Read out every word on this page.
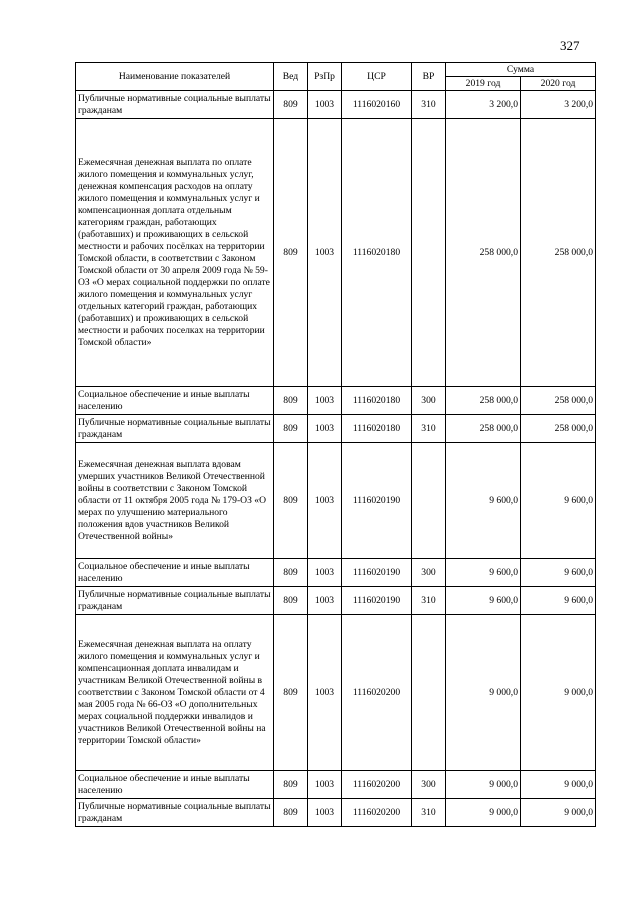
327
Наименование показателей	Вед	РзПр	ЦСР	ВР	Сумма	
					2019 год	2020 год
Публичные нормативные социальные выплаты гражданам	809	1003	1116020160	310	3 200,0	3 200,0
Ежемесячная денежная выплата по оплате жилого помещения и коммунальных услуг, денежная компенсация расходов на оплату жилого помещения и коммунальных услуг и компенсационная доплата отдельным категориям граждан, работающих (работавших) и проживающих в сельской местности и рабочих посёлках на территории Томской области, в соответствии с Законом Томской области от 30 апреля 2009 года № 59-ОЗ «О мерах социальной поддержки по оплате жилого помещения и коммунальных услуг отдельных категорий граждан, работающих (работавших) и проживающих в сельской местности и рабочих поселках на территории Томской области»	809	1003	1116020180		258 000,0	258 000,0
Социальное обеспечение и иные выплаты населению	809	1003	1116020180	300	258 000,0	258 000,0
Публичные нормативные социальные выплаты гражданам	809	1003	1116020180	310	258 000,0	258 000,0
Ежемесячная денежная выплата вдовам умерших участников Великой Отечественной войны в соответствии с Законом Томской области от 11 октября 2005 года № 179-ОЗ «О мерах по улучшению материального положения вдов участников Великой Отечественной войны»	809	1003	1116020190		9 600,0	9 600,0
Социальное обеспечение и иные выплаты населению	809	1003	1116020190	300	9 600,0	9 600,0
Публичные нормативные социальные выплаты гражданам	809	1003	1116020190	310	9 600,0	9 600,0
Ежемесячная денежная выплата на оплату жилого помещения и коммунальных услуг и компенсационная доплата инвалидам и участникам Великой Отечественной войны в соответствии с Законом Томской области от 4 мая 2005 года № 66-ОЗ «О дополнительных мерах социальной поддержки инвалидов и участников Великой Отечественной войны на территории Томской области»	809	1003	1116020200		9 000,0	9 000,0
Социальное обеспечение и иные выплаты населению	809	1003	1116020200	300	9 000,0	9 000,0
Публичные нормативные социальные выплаты гражданам	809	1003	1116020200	310	9 000,0	9 000,0
